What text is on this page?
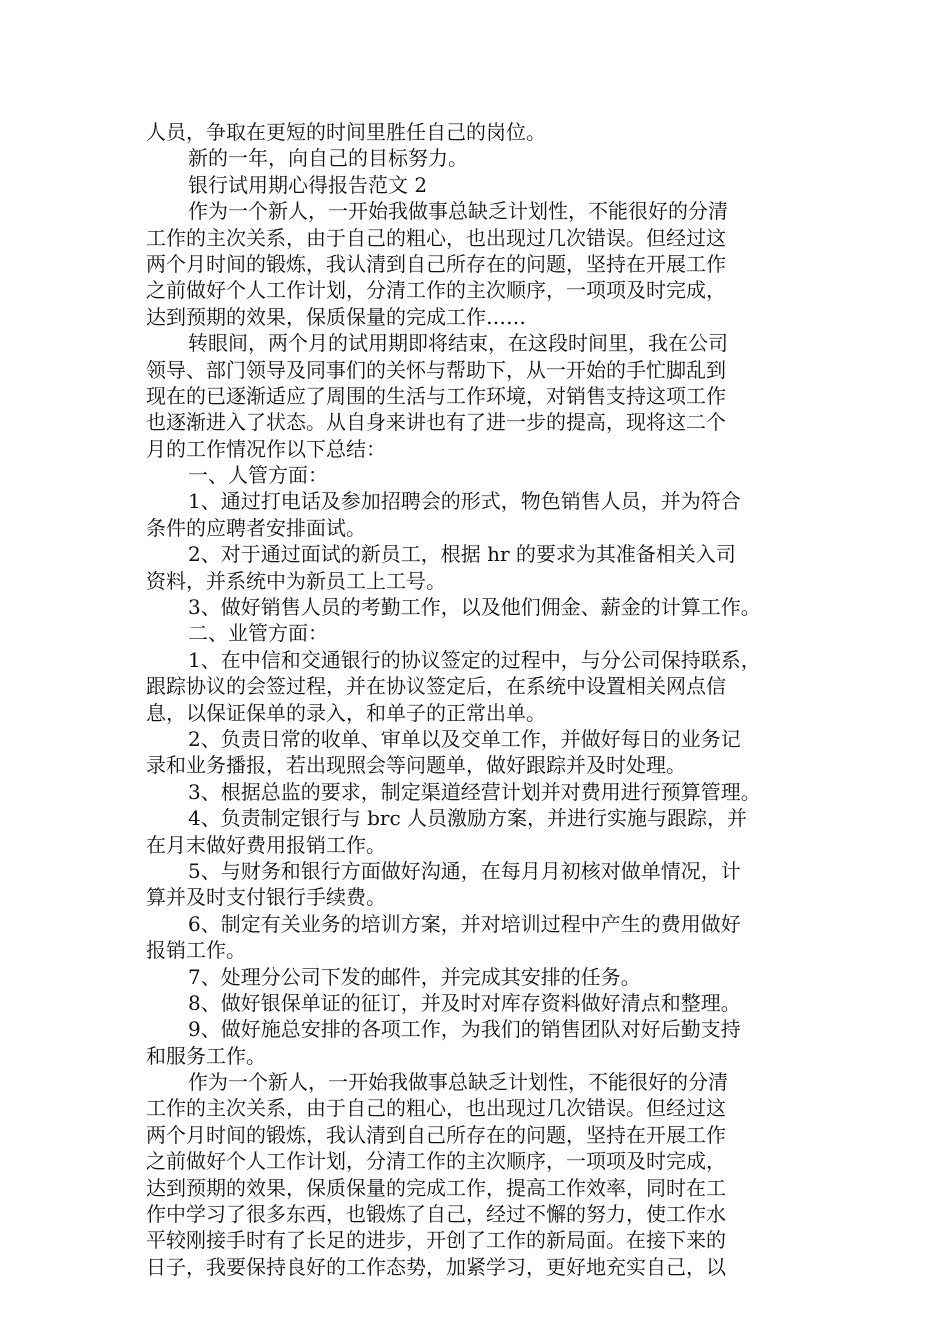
人员，争取在更短的时间里胜任自己的岗位。
新的一年，向自己的目标努力。
银行试用期心得报告范文 2
作为一个新人，一开始我做事总缺乏计划性，不能很好的分清
工作的主次关系，由于自己的粗心，也出现过几次错误。但经过这
两个月时间的锻炼，我认清到自己所存在的问题，坚持在开展工作
之前做好个人工作计划，分清工作的主次顺序，一项项及时完成，
达到预期的效果，保质保量的完成工作……
转眼间，两个月的试用期即将结束，在这段时间里，我在公司
领导、部门领导及同事们的关怀与帮助下，从一开始的手忙脚乱到
现在的已逐渐适应了周围的生活与工作环境，对销售支持这项工作
也逐渐进入了状态。从自身来讲也有了进一步的提高，现将这二个
月的工作情况作以下总结：
一、人管方面：
1、通过打电话及参加招聘会的形式，物色销售人员，并为符合
条件的应聘者安排面试。
2、对于通过面试的新员工，根据 hr 的要求为其准备相关入司
资料，并系统中为新员工上工号。
3、做好销售人员的考勤工作，以及他们佣金、薪金的计算工作。
二、业管方面：
1、在中信和交通银行的协议签定的过程中，与分公司保持联系，
跟踪协议的会签过程，并在协议签定后，在系统中设置相关网点信
息，以保证保单的录入，和单子的正常出单。
2、负责日常的收单、审单以及交单工作，并做好每日的业务记
录和业务播报，若出现照会等问题单，做好跟踪并及时处理。
3、根据总监的要求，制定渠道经营计划并对费用进行预算管理。
4、负责制定银行与 brc 人员激励方案，并进行实施与跟踪，并
在月末做好费用报销工作。
5、与财务和银行方面做好沟通，在每月月初核对做单情况，计
算并及时支付银行手续费。
6、制定有关业务的培训方案，并对培训过程中产生的费用做好
报销工作。
7、处理分公司下发的邮件，并完成其安排的任务。
8、做好银保单证的征订，并及时对库存资料做好清点和整理。
9、做好施总安排的各项工作，为我们的销售团队对好后勤支持
和服务工作。
作为一个新人，一开始我做事总缺乏计划性，不能很好的分清
工作的主次关系，由于自己的粗心，也出现过几次错误。但经过这
两个月时间的锻炼，我认清到自己所存在的问题，坚持在开展工作
之前做好个人工作计划，分清工作的主次顺序，一项项及时完成，
达到预期的效果，保质保量的完成工作，提高工作效率，同时在工
作中学习了很多东西，也锻炼了自己，经过不懈的努力，使工作水
平较刚接手时有了长足的进步，开创了工作的新局面。在接下来的
日子，我要保持良好的工作态势，加紧学习，更好地充实自己，以
